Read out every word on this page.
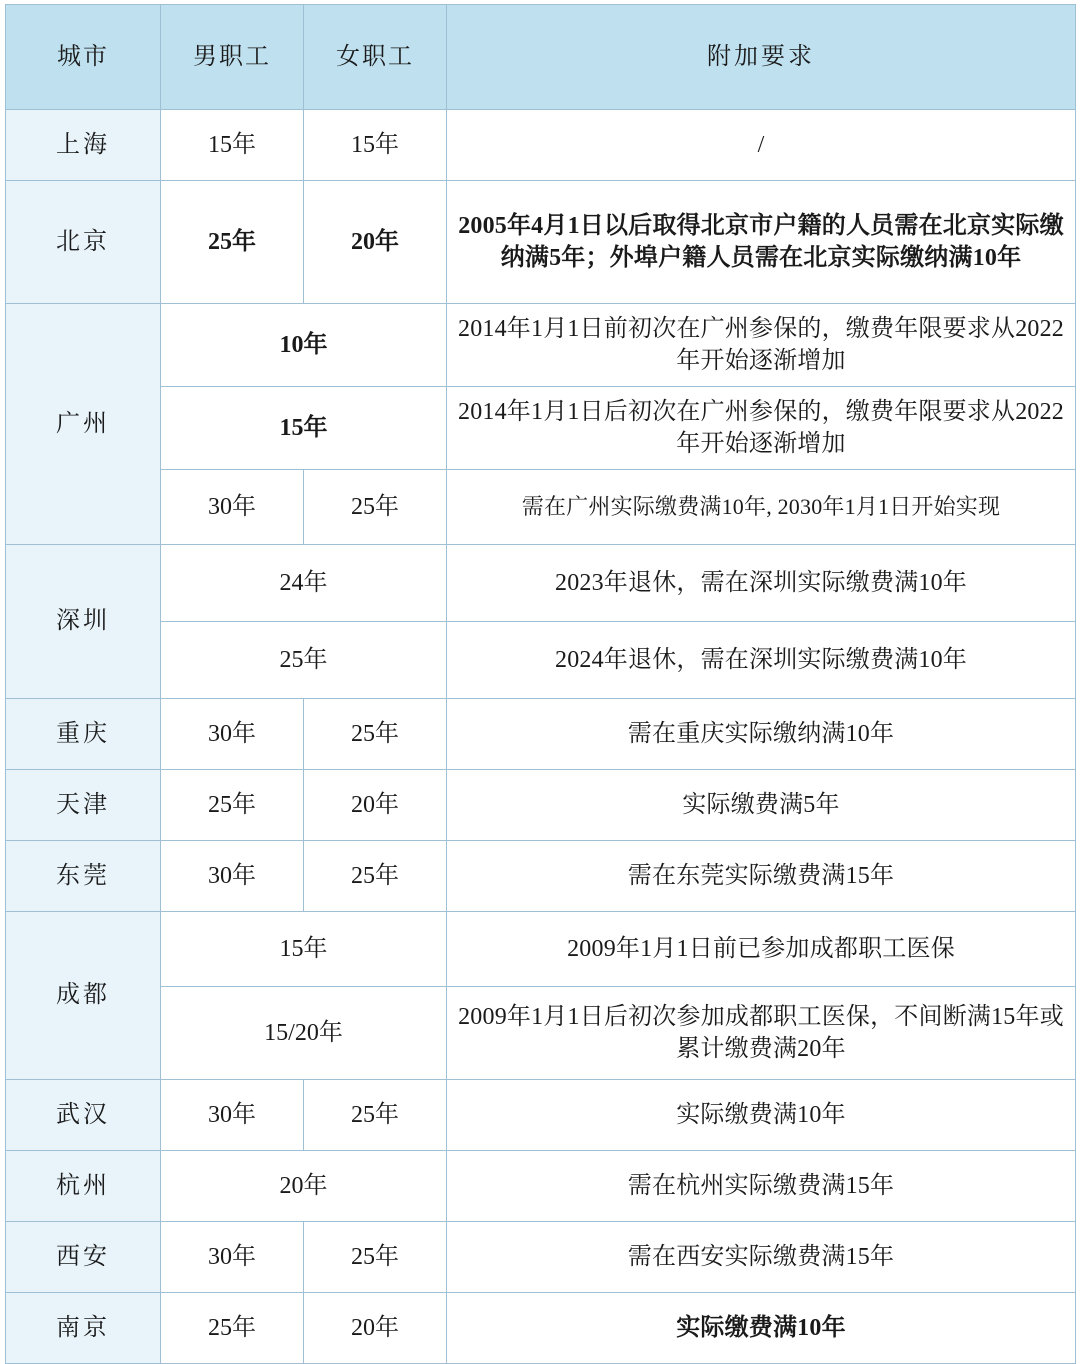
城市	男职工	女职工	附加要求
上海	15年	15年	/
北京	25年	20年	2005年4月1日以后取得北京市户籍的人员需在北京实际缴纳满5年；外埠户籍人员需在北京实际缴纳满10年
广州	10年		2014年1月1日前初次在广州参保的，缴费年限要求从2022年开始逐渐增加
	15年		2014年1月1日后初次在广州参保的，缴费年限要求从2022年开始逐渐增加
	30年	25年	需在广州实际缴费满10年, 2030年1月1日开始实现
深圳	24年		2023年退休，需在深圳实际缴费满10年
	25年		2024年退休，需在深圳实际缴费满10年
重庆	30年	25年	需在重庆实际缴纳满10年
天津	25年	20年	实际缴费满5年
东莞	30年	25年	需在东莞实际缴费满15年
成都	15年		2009年1月1日前已参加成都职工医保
	15/20年		2009年1月1日后初次参加成都职工医保，不间断满15年或累计缴费满20年
武汉	30年	25年	实际缴费满10年
杭州	20年		需在杭州实际缴费满15年
西安	30年	25年	需在西安实际缴费满15年
南京	25年	20年	实际缴费满10年
